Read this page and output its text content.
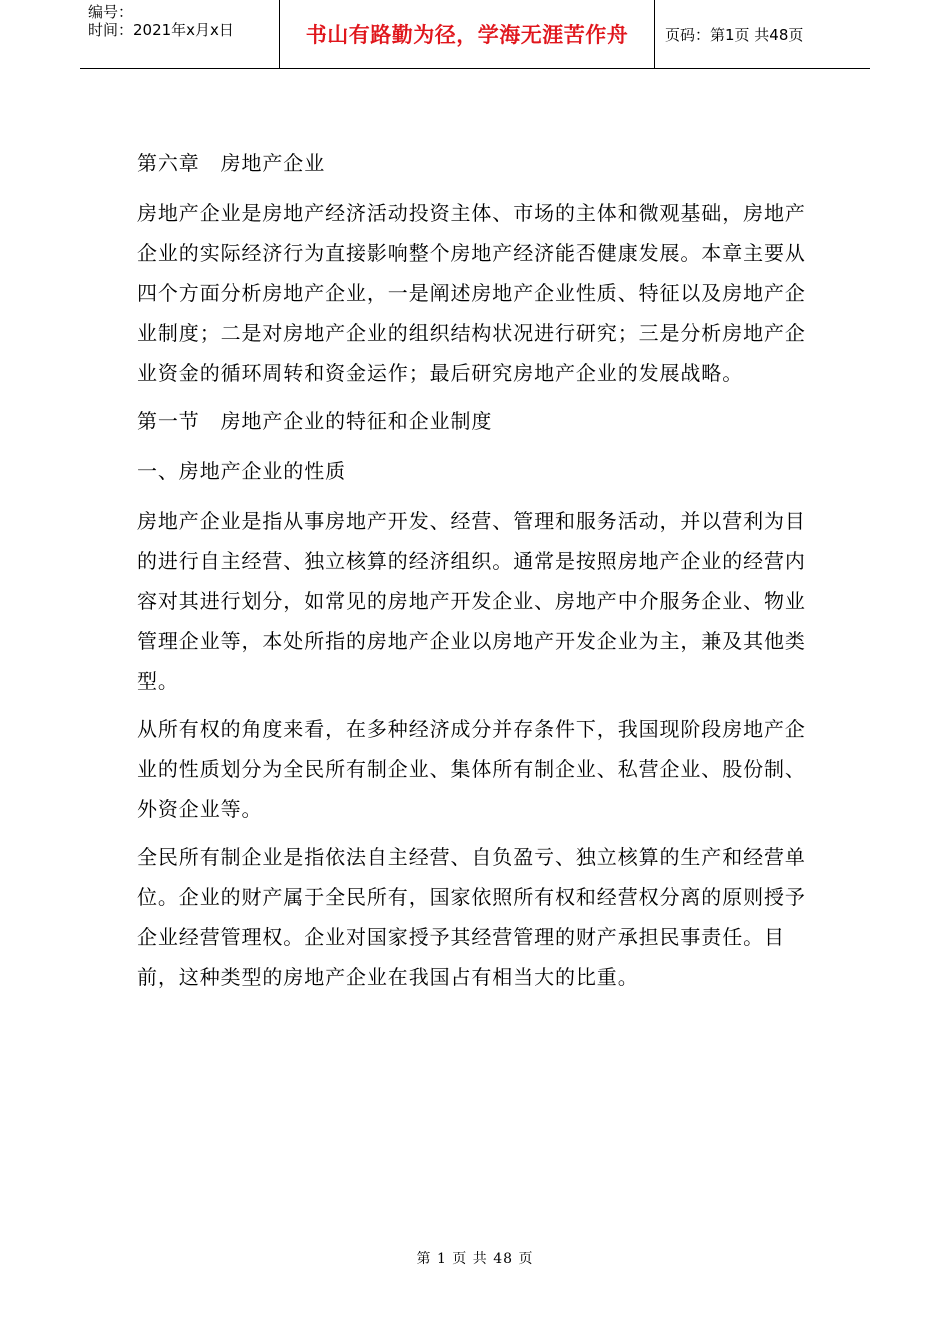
编号：
时间：2021年x月x日	书山有路勤为径，学海无涯苦作舟	页码：第1页 共48页

第六章　房地产企业

房地产企业是房地产经济活动投资主体、市场的主体和微观基础，房地产企业的实际经济行为直接影响整个房地产经济能否健康发展。本章主要从四个方面分析房地产企业，一是阐述房地产企业性质、特征以及房地产企业制度；二是对房地产企业的组织结构状况进行研究；三是分析房地产企业资金的循环周转和资金运作；最后研究房地产企业的发展战略。

第一节　房地产企业的特征和企业制度

一、房地产企业的性质

房地产企业是指从事房地产开发、经营、管理和服务活动，并以营利为目的进行自主经营、独立核算的经济组织。通常是按照房地产企业的经营内容对其进行划分，如常见的房地产开发企业、房地产中介服务企业、物业管理企业等，本处所指的房地产企业以房地产开发企业为主，兼及其他类型。

从所有权的角度来看，在多种经济成分并存条件下，我国现阶段房地产企业的性质划分为全民所有制企业、集体所有制企业、私营企业、股份制、外资企业等。

全民所有制企业是指依法自主经营、自负盈亏、独立核算的生产和经营单位。企业的财产属于全民所有，国家依照所有权和经营权分离的原则授予企业经营管理权。企业对国家授予其经营管理的财产承担民事责任。目前，这种类型的房地产企业在我国占有相当大的比重。

第 1 页 共 48 页
